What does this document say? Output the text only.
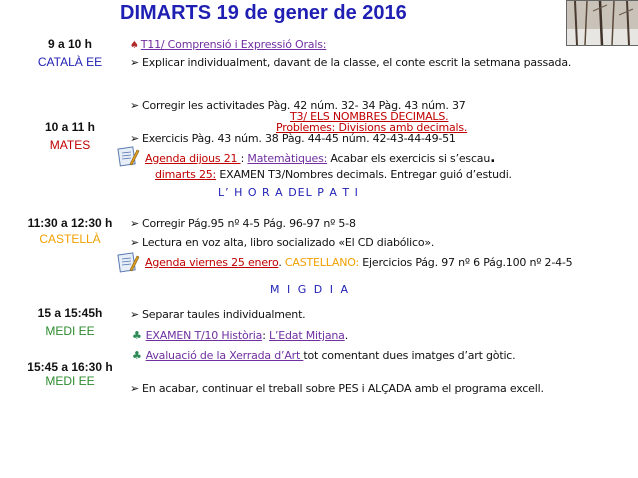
DIMARTS 19 de gener de 2016
9 a 10 h
CATALÀ EE
10 a 11 h
MATES
11:30 a 12:30 h
CASTELLÀ
15 a 15:45h
MEDI EE
15:45 a 16:30 h
MEDI EE
♠ T11/ Comprensió i Expressió Orals:
➢ Explicar individualment, davant de la classe, el conte escrit la setmana passada.
➢ Corregir les activitades Pàg. 42 núm. 32- 34 Pàg. 43 núm. 37
T3/ ELS NOMBRES DECIMALS.
Problemes: Divisions amb decimals.
➢ Exercicis Pàg. 43 núm. 38 Pàg. 44-45 núm. 42-43-44-49-51
Agenda dijous 21 : Matemàtiques: Acabar els exercicis si s’escau.
dimarts 25: EXAMEN T3/Nombres decimals. Entregar guió d’estudi.
L’ H O R A DEL P A T I
➢ Corregir Pág.95 nº 4-5 Pág. 96-97 nº 5-8
➢ Lectura en voz alta, libro socializado «El CD diabólico».
Agenda viernes 25 enero. CASTELLANO: Ejercicios Pág. 97 nº 6 Pág.100 nº 2-4-5
M I G D I A
➢ Separar taules individualment.
♣ EXAMEN T/10 Història: L’Edat Mitjana.
♣ Avaluació de la Xerrada d’Art tot comentant dues imatges d’art gòtic.
➢ En acabar, continuar el treball sobre PES i ALÇADA amb el programa excell.
